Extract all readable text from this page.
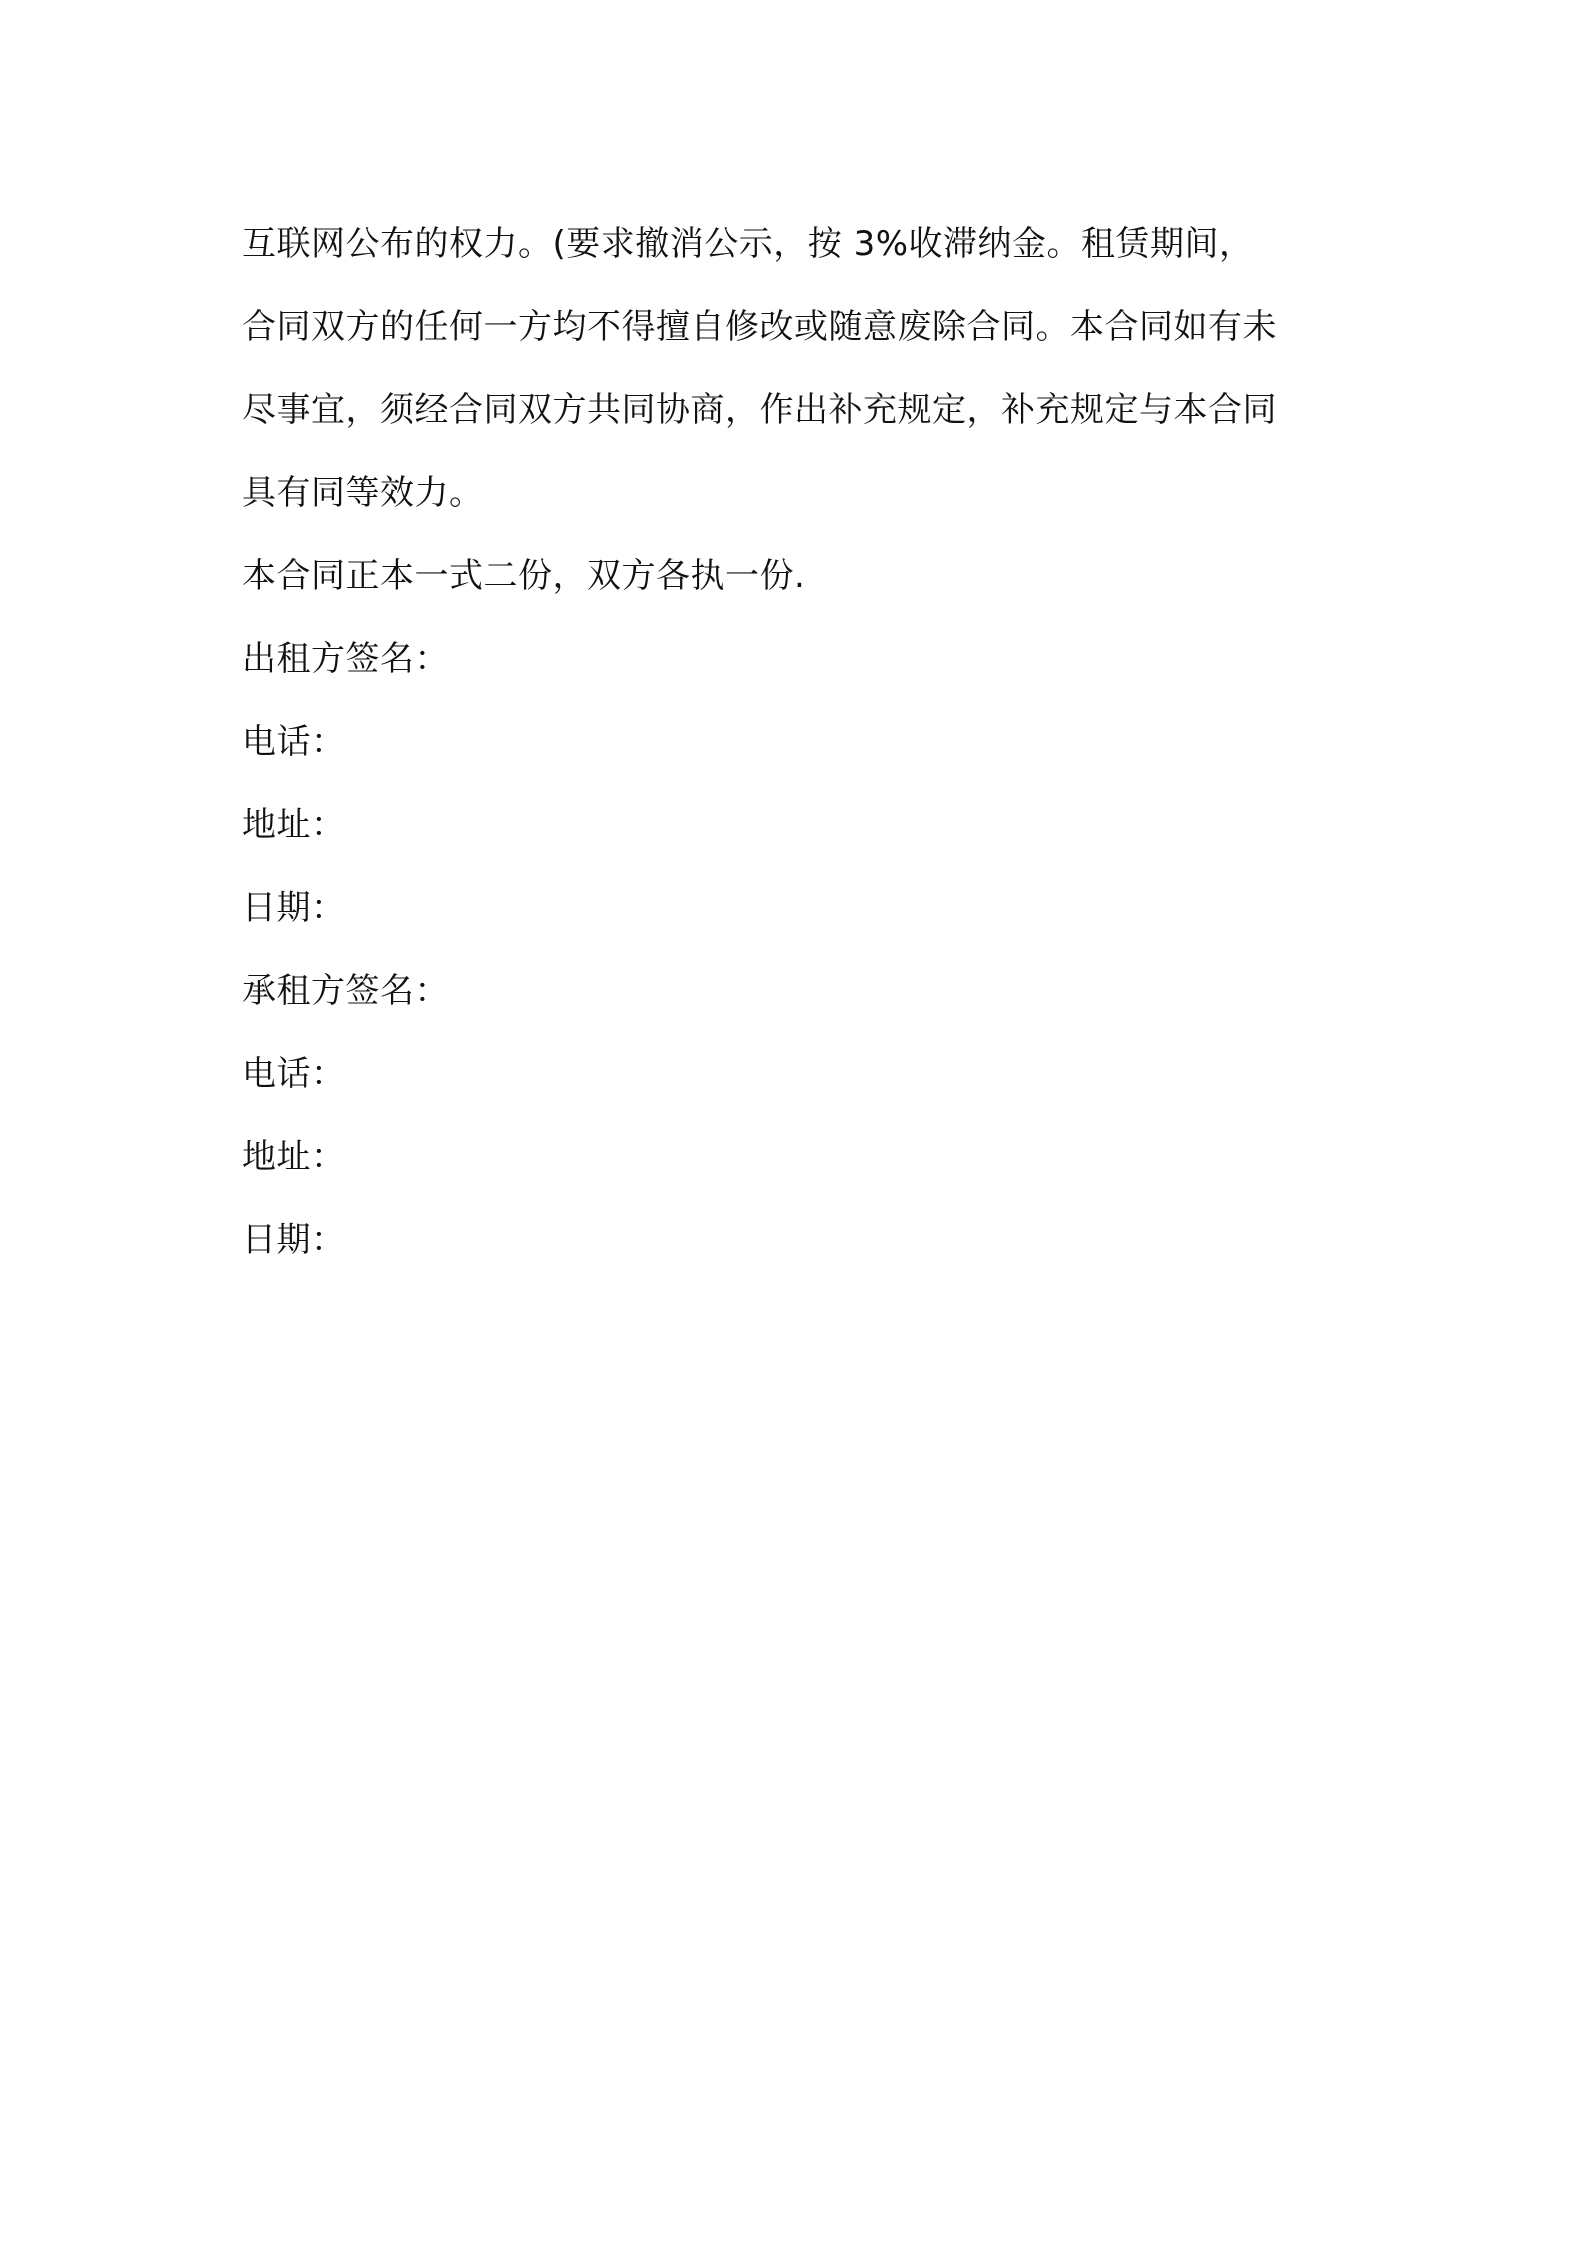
互联网公布的权力。(要求撤消公示，按 3%收滞纳金。租赁期间，
合同双方的任何一方均不得擅自修改或随意废除合同。本合同如有未
尽事宜，须经合同双方共同协商，作出补充规定，补充规定与本合同
具有同等效力。
本合同正本一式二份，双方各执一份.
出租方签名：
电话：
地址：
日期：
承租方签名：
电话：
地址：
日期：
